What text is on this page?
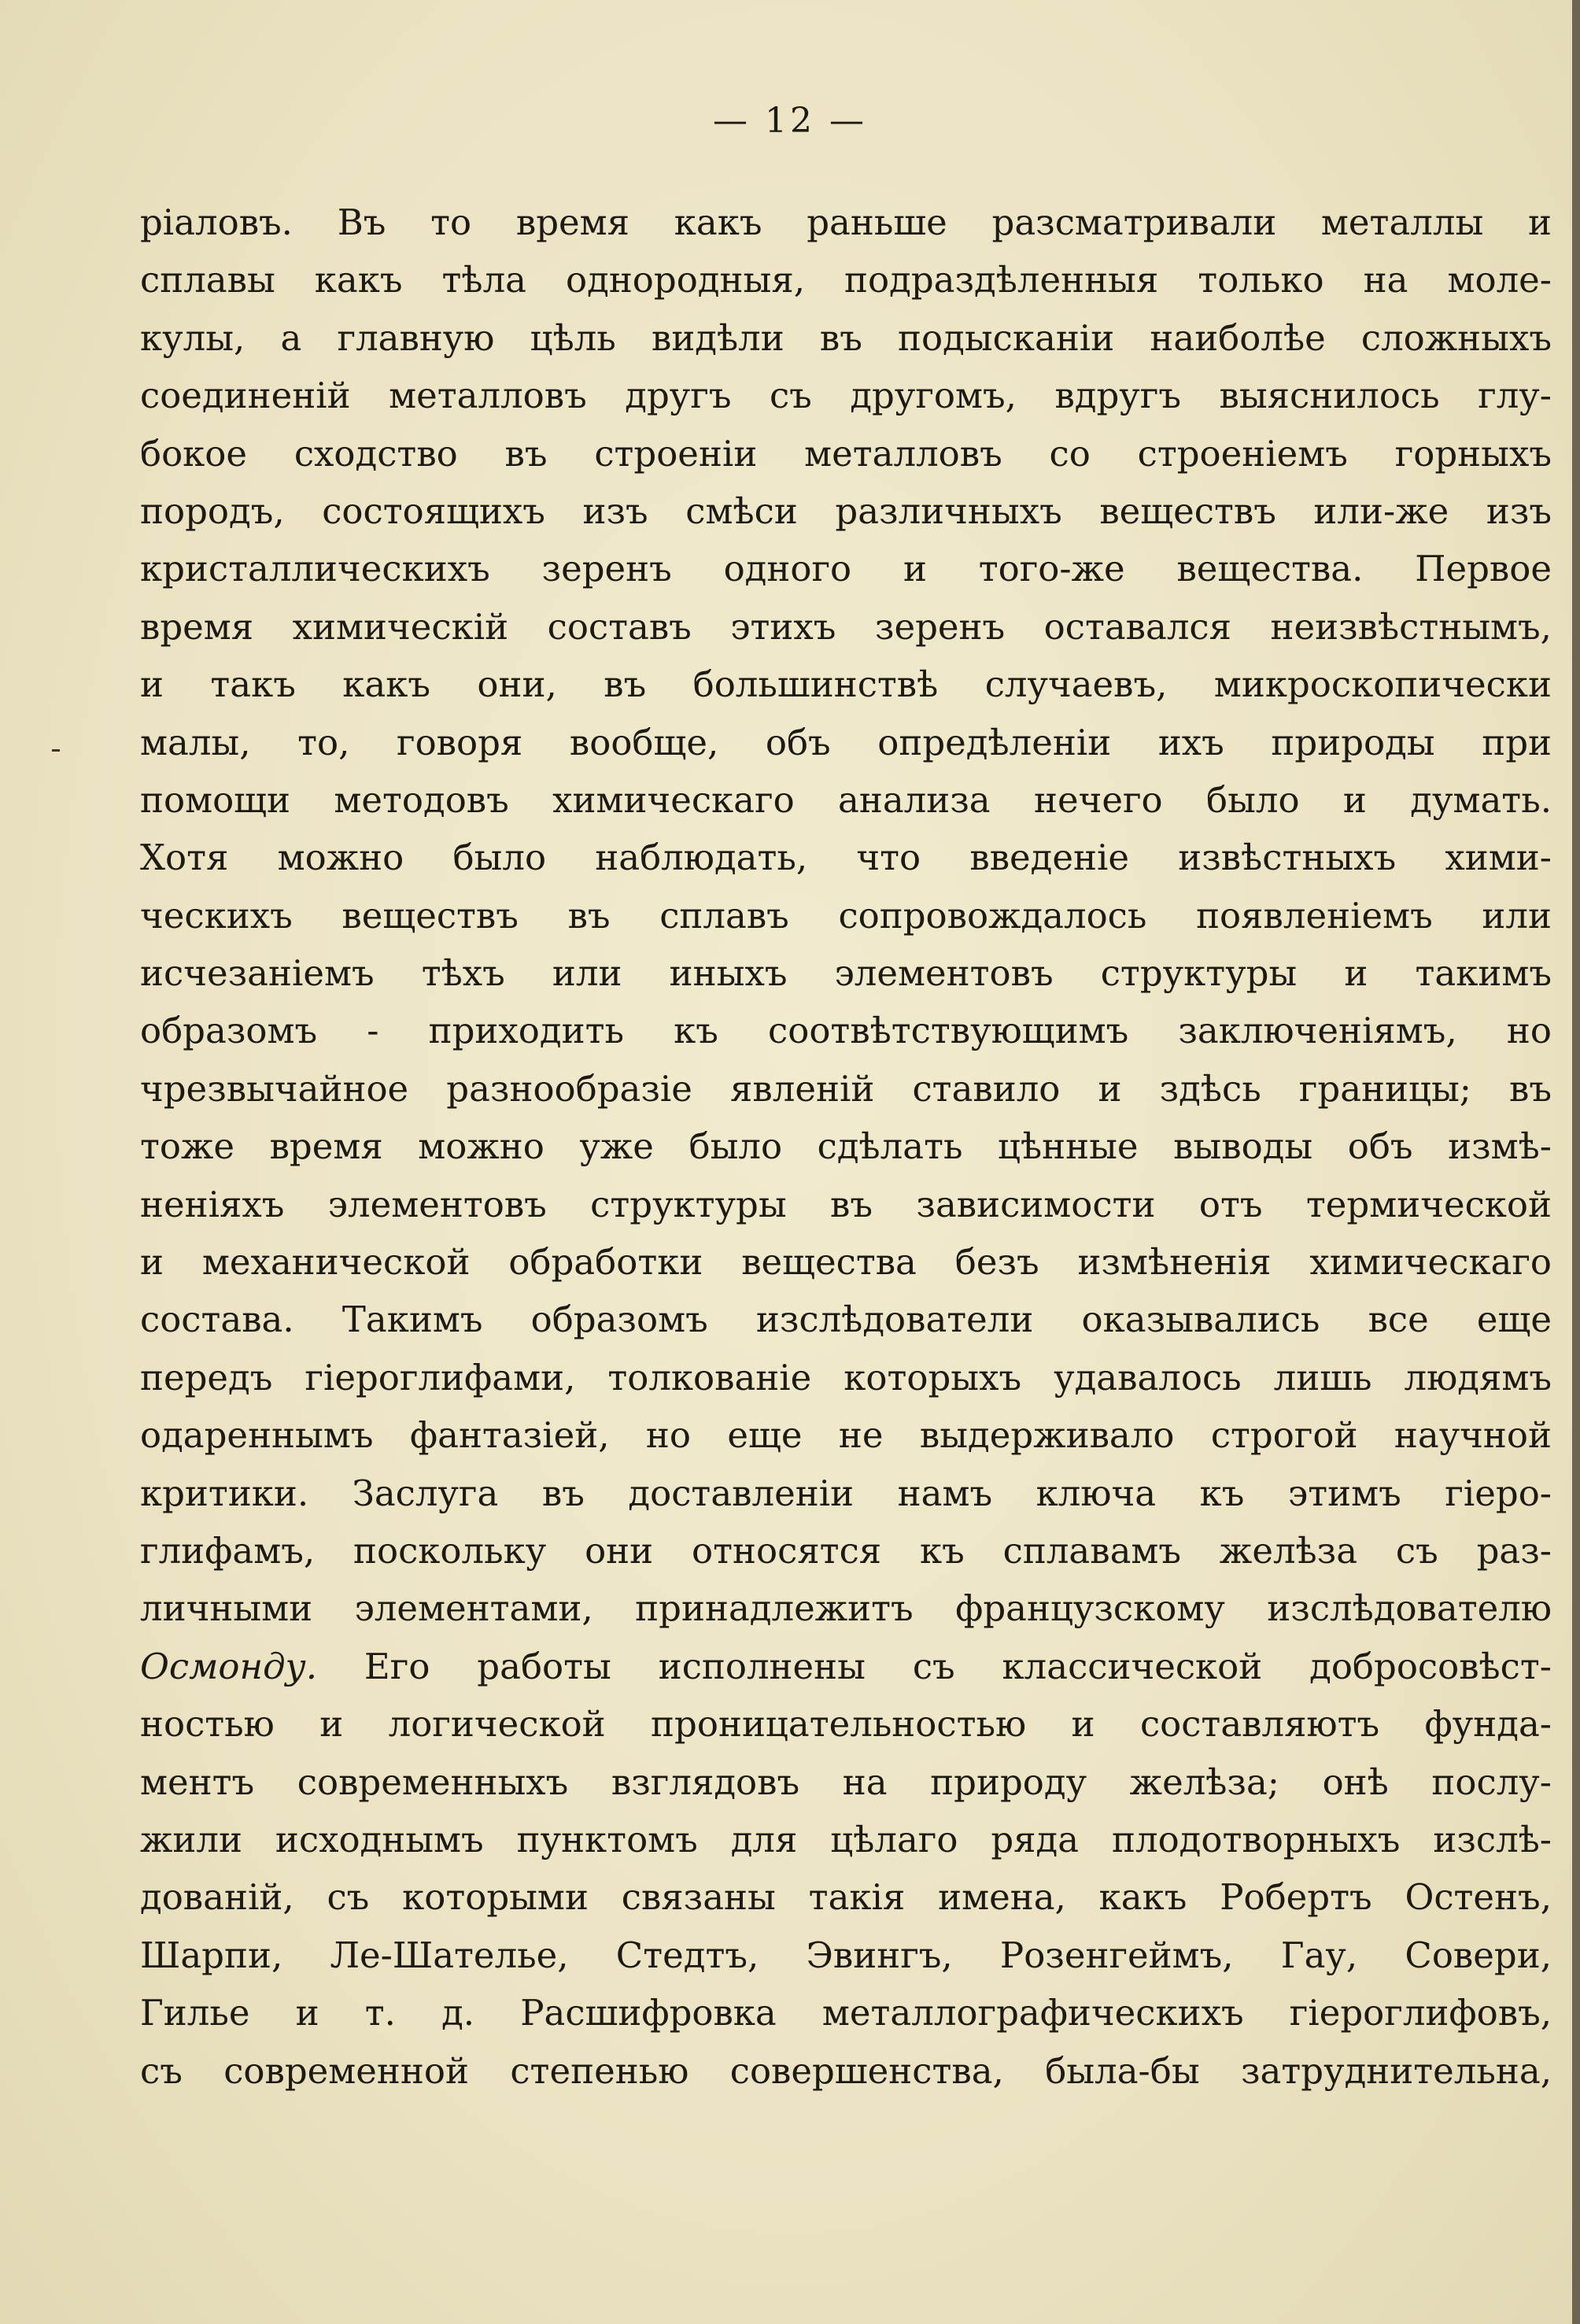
— 12 —
ріаловъ. Въ то время какъ раньше разсматривали металлы и
сплавы какъ тѣла однородныя, подраздѣленныя только на моле-
кулы, а главную цѣль видѣли въ подысканіи наиболѣе сложныхъ
соединеній металловъ другъ съ другомъ, вдругъ выяснилось глу-
бокое сходство въ строеніи металловъ со строеніемъ горныхъ
породъ, состоящихъ изъ смѣси различныхъ веществъ или-же изъ
кристаллическихъ зеренъ одного и того-же вещества. Первое
время химическій составъ этихъ зеренъ оставался неизвѣстнымъ,
и такъ какъ они, въ большинствѣ случаевъ, микроскопически
малы, то, говоря вообще, объ опредѣленіи ихъ природы при
помощи методовъ химическаго анализа нечего было и думать.
Хотя можно было наблюдать, что введеніе извѣстныхъ хими-
ческихъ веществъ въ сплавъ сопровождалось появленіемъ или
исчезаніемъ тѣхъ или иныхъ элементовъ структуры и такимъ
образомъ - приходить къ соотвѣтствующимъ заключеніямъ, но
чрезвычайное разнообразіе явленій ставило и здѣсь границы; въ
тоже время можно уже было сдѣлать цѣнные выводы объ измѣ-
неніяхъ элементовъ структуры въ зависимости отъ термической
и механической обработки вещества безъ измѣненія химическаго
состава. Такимъ образомъ изслѣдователи оказывались все еще
передъ гіероглифами, толкованіе которыхъ удавалось лишь людямъ
одареннымъ фантазіей, но еще не выдерживало строгой научной
критики. Заслуга въ доставленіи намъ ключа къ этимъ гіеро-
глифамъ, поскольку они относятся къ сплавамъ желѣза съ раз-
личными элементами, принадлежитъ французскому изслѣдователю
Осмонду. Его работы исполнены съ классической добросовѣст-
ностью и логической проницательностью и составляютъ фунда-
ментъ современныхъ взглядовъ на природу желѣза; онѣ послу-
жили исходнымъ пунктомъ для цѣлаго ряда плодотворныхъ изслѣ-
дованій, съ которыми связаны такія имена, какъ Робертъ Остенъ,
Шарпи, Ле-Шателье, Стедтъ, Эвингъ, Розенгеймъ, Гау, Совери,
Гилье и т. д. Расшифровка металлографическихъ гіероглифовъ,
съ современной степенью совершенства, была-бы затруднительна,
